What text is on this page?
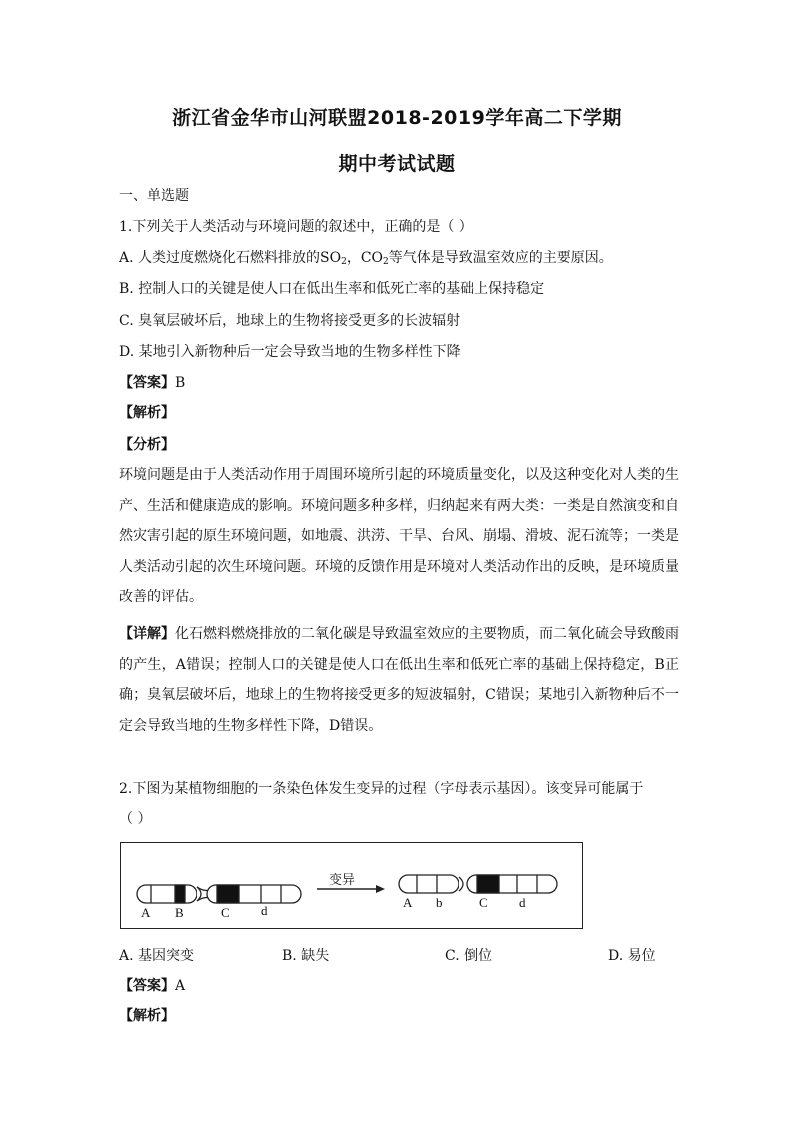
浙江省金华市山河联盟2018-2019学年高二下学期
期中考试试题
一、单选题
1.下列关于人类活动与环境问题的叙述中，正确的是（ ）
A. 人类过度燃烧化石燃料排放的$SO_2$，$CO_2$等气体是导致温室效应的主要原因。
B. 控制人口的关键是使人口在低出生率和低死亡率的基础上保持稳定
C. 臭氧层破坏后，地球上的生物将接受更多的长波辐射
D. 某地引入新物种后一定会导致当地的生物多样性下降
【答案】B
【解析】
【分析】
环境问题是由于人类活动作用于周围环境所引起的环境质量变化，以及这种变化对人类的生产、生活和健康造成的影响。环境问题多种多样，归纳起来有两大类：一类是自然演变和自然灾害引起的原生环境问题，如地震、洪涝、干旱、台风、崩塌、滑坡、泥石流等；一类是人类活动引起的次生环境问题。环境的反馈作用是环境对人类活动作出的反映，是环境质量改善的评估。
【详解】化石燃料燃烧排放的二氧化碳是导致温室效应的主要物质，而二氧化硫会导致酸雨的产生，A错误；控制人口的关键是使人口在低出生率和低死亡率的基础上保持稳定，B正确；臭氧层破坏后，地球上的生物将接受更多的短波辐射，C错误；某地引入新物种后不一定会导致当地的生物多样性下降，D错误。
2.下图为某植物细胞的一条染色体发生变异的过程（字母表示基因）。该变异可能属于
（ ）
变异
A B	C d
A b	C d
A. 基因突变	B. 缺失	C. 倒位	D. 易位
【答案】A
【解析】
